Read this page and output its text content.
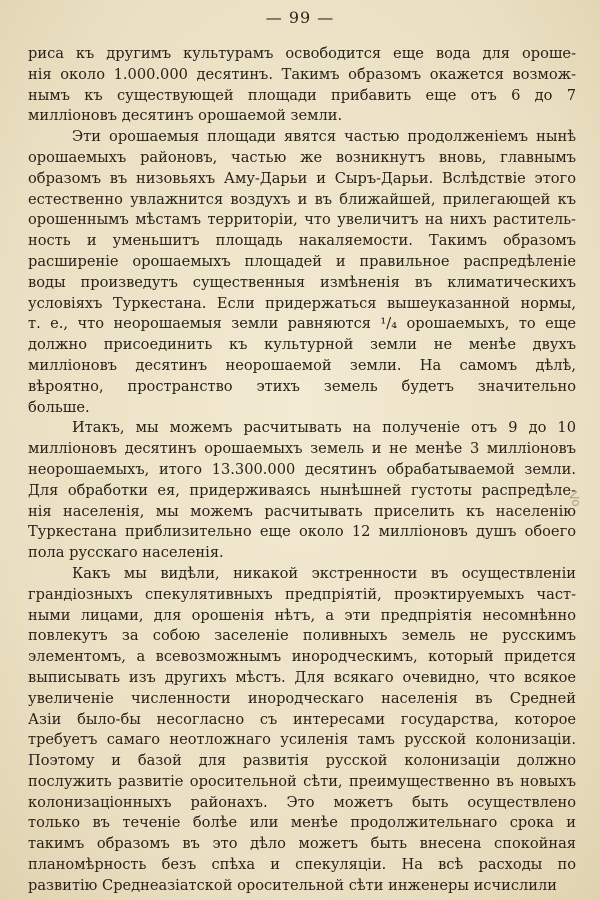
— 99 —
риса къ другимъ культурамъ освободится еще вода для ороше-
нія около 1.000.000 десятинъ. Такимъ образомъ окажется возмож-
нымъ къ существующей площади прибавить еще отъ 6 до 7
милліоновъ десятинъ орошаемой земли.
Эти орошаемыя площади явятся частью продолженіемъ нынѣ
орошаемыхъ районовъ, частью же возникнутъ вновь, главнымъ
образомъ въ низовьяхъ Аму-Дарьи и Сыръ-Дарьи. Вслѣдствіе этого
естественно увлажнится воздухъ и въ ближайшей, прилегающей къ
орошеннымъ мѣстамъ территоріи, что увеличитъ на нихъ раститель-
ность и уменьшитъ площадь накаляемости. Такимъ образомъ
расширеніе орошаемыхъ площадей и правильное распредѣленіе
воды произведутъ существенныя измѣненія въ климатическихъ
условіяхъ Туркестана. Если придержаться вышеуказанной нормы,
т. е., что неорошаемыя земли равняются ¹/₄ орошаемыхъ, то еще
должно присоединить къ культурной земли не менѣе двухъ
милліоновъ десятинъ неорошаемой земли. На самомъ дѣлѣ,
вѣроятно, пространство этихъ земель будетъ значительно
больше.
Итакъ, мы можемъ расчитывать на полученіе отъ 9 до 10
милліоновъ десятинъ орошаемыхъ земель и не менѣе 3 милліоновъ
неорошаемыхъ, итого 13.300.000 десятинъ обрабатываемой земли.
Для обработки ея, придерживаясь нынѣшней густоты распредѣле-
нія населенія, мы можемъ расчитывать приселить къ населенію
Туркестана приблизительно еще около 12 милліоновъ душъ обоего
пола русскаго населенія.
Какъ мы видѣли, никакой экстренности въ осуществленіи
грандіозныхъ спекулятивныхъ предпріятій, проэктируемыхъ част-
ными лицами, для орошенія нѣтъ, а эти предпріятія несомнѣнно
повлекутъ за собою заселеніе поливныхъ земель не русскимъ
элементомъ, а всевозможнымъ инородческимъ, который придется
выписывать изъ другихъ мѣстъ. Для всякаго очевидно, что всякое
увеличеніе численности инородческаго населенія въ Средней
Азіи было-бы несогласно съ интересами государства, которое
требуетъ самаго неотложнаго усиленія тамъ русской колонизаціи.
Поэтому и базой для развитія русской колонизаціи должно
послужить развитіе оросительной сѣти, преимущественно въ новыхъ
колонизаціонныхъ районахъ. Это можетъ быть осуществлено
только въ теченіе болѣе или менѣе продолжительнаго срока и
такимъ образомъ въ это дѣло можетъ быть внесена спокойная
планомѣрность безъ спѣха и спекуляціи. На всѣ расходы по
развитію Среднеазіатской оросительной сѣти инженеры исчислили
Vo
